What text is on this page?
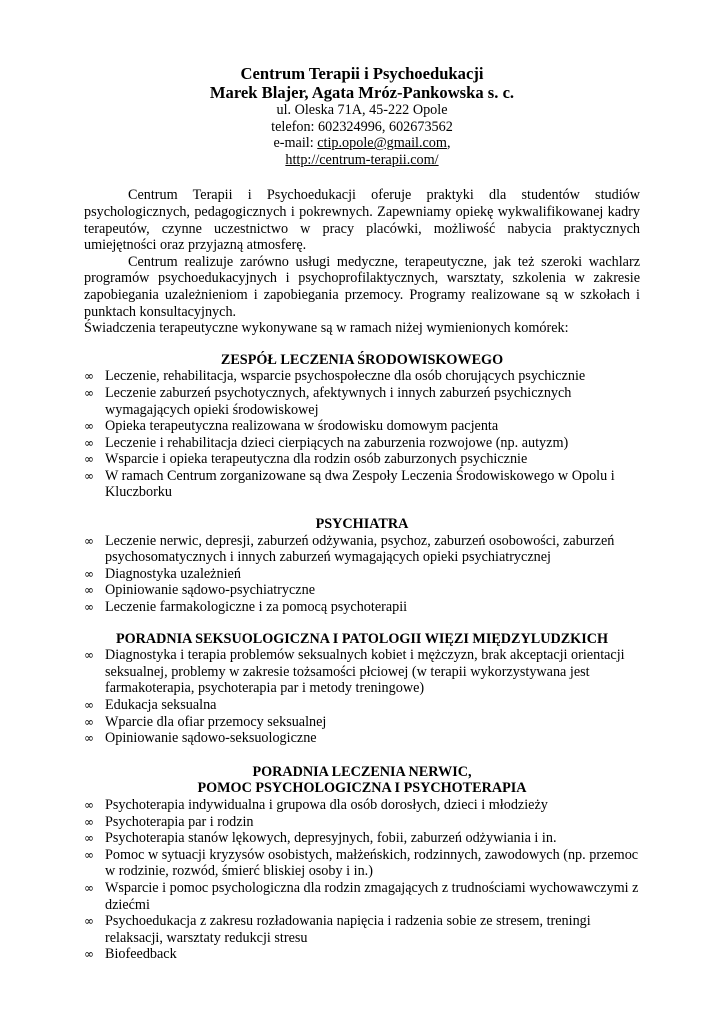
Centrum Terapii i Psychoedukacji
Marek Blajer, Agata Mróz-Pankowska s. c.
ul. Oleska 71A, 45-222 Opole
telefon: 602324996, 602673562
e-mail: ctip.opole@gmail.com,
http://centrum-terapii.com/

Centrum Terapii i Psychoedukacji oferuje praktyki dla studentów studiów psychologicznych, pedagogicznych i pokrewnych. Zapewniamy opiekę wykwalifikowanej kadry terapeutów, czynne uczestnictwo w pracy placówki, możliwość nabycia praktycznych umiejętności oraz przyjazną atmosferę.

Centrum realizuje zarówno usługi medyczne, terapeutyczne, jak też szeroki wachlarz programów psychoedukacyjnych i psychoprofilaktycznych, warsztaty, szkolenia w zakresie zapobiegania uzależnieniom i zapobiegania przemocy. Programy realizowane są w szkołach i punktach konsultacyjnych.

Świadczenia terapeutyczne wykonywane są w ramach niżej wymienionych komórek:

ZESPÓŁ LECZENIA ŚRODOWISKOWEGO
∞ Leczenie, rehabilitacja, wsparcie psychospołeczne dla osób chorujących psychicznie
∞ Leczenie zaburzeń psychotycznych, afektywnych i innych zaburzeń psychicznych wymagających opieki środowiskowej
∞ Opieka terapeutyczna realizowana w środowisku domowym pacjenta
∞ Leczenie i rehabilitacja dzieci cierpiących na zaburzenia rozwojowe (np. autyzm)
∞ Wsparcie i opieka terapeutyczna dla rodzin osób zaburzonych psychicznie
∞ W ramach Centrum zorganizowane są dwa Zespoły Leczenia Środowiskowego w Opolu i Kluczborku
PSYCHIATRA
∞ Leczenie nerwic, depresji, zaburzeń odżywania, psychoz, zaburzeń osobowości, zaburzeń psychosomatycznych i innych zaburzeń wymagających opieki psychiatrycznej
∞ Diagnostyka uzależnień
∞ Opiniowanie sądowo-psychiatryczne
∞ Leczenie farmakologiczne i za pomocą psychoterapii
PORADNIA SEKSUOLOGICZNA I PATOLOGII WIĘZI MIĘDZYLUDZKICH
∞ Diagnostyka i terapia problemów seksualnych kobiet i mężczyzn, brak akceptacji orientacji seksualnej, problemy w zakresie tożsamości płciowej (w terapii wykorzystywana jest farmakoterapia, psychoterapia par i metody treningowe)
∞ Edukacja seksualna
∞ Wparcie dla ofiar przemocy seksualnej
∞ Opiniowanie sądowo-seksuologiczne
PORADNIA LECZENIA NERWIC,
POMOC PSYCHOLOGICZNA I PSYCHOTERAPIA
∞ Psychoterapia indywidualna i grupowa dla osób dorosłych, dzieci i młodzieży
∞ Psychoterapia par i rodzin
∞ Psychoterapia stanów lękowych, depresyjnych, fobii, zaburzeń odżywiania i in.
∞ Pomoc w sytuacji kryzysów osobistych, małżeńskich, rodzinnych, zawodowych (np. przemoc w rodzinie, rozwód, śmierć bliskiej osoby i in.)
∞ Wsparcie i pomoc psychologiczna dla rodzin zmagających z trudnościami wychowawczymi z dziećmi
∞ Psychoedukacja z zakresu rozładowania napięcia i radzenia sobie ze stresem, treningi relaksacji, warsztaty redukcji stresu
∞ Biofeedback
